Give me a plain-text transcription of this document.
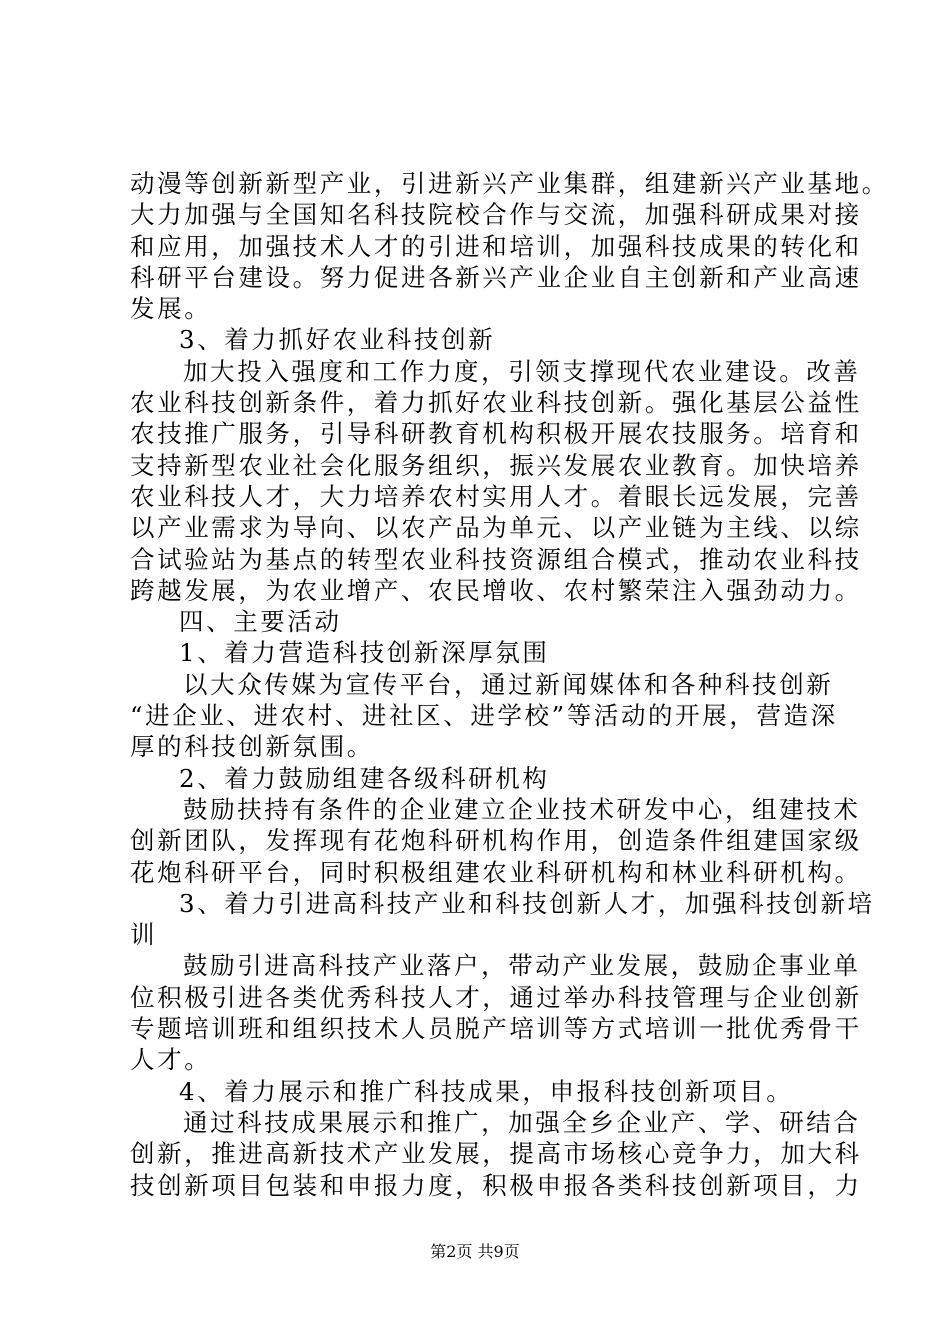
动漫等创新新型产业，引进新兴产业集群，组建新兴产业基地。
大力加强与全国知名科技院校合作与交流，加强科研成果对接
和应用，加强技术人才的引进和培训，加强科技成果的转化和
科研平台建设。努力促进各新兴产业企业自主创新和产业高速
发展。
3、着力抓好农业科技创新
加大投入强度和工作力度，引领支撑现代农业建设。改善
农业科技创新条件，着力抓好农业科技创新。强化基层公益性
农技推广服务，引导科研教育机构积极开展农技服务。培育和
支持新型农业社会化服务组织，振兴发展农业教育。加快培养
农业科技人才，大力培养农村实用人才。着眼长远发展，完善
以产业需求为导向、以农产品为单元、以产业链为主线、以综
合试验站为基点的转型农业科技资源组合模式，推动农业科技
跨越发展，为农业增产、农民增收、农村繁荣注入强劲动力。
四、主要活动
1、着力营造科技创新深厚氛围
以大众传媒为宣传平台，通过新闻媒体和各种科技创新
“进企业、进农村、进社区、进学校”等活动的开展，营造深
厚的科技创新氛围。
2、着力鼓励组建各级科研机构
鼓励扶持有条件的企业建立企业技术研发中心，组建技术
创新团队，发挥现有花炮科研机构作用，创造条件组建国家级
花炮科研平台，同时积极组建农业科研机构和林业科研机构。
3、着力引进高科技产业和科技创新人才，加强科技创新培
训
鼓励引进高科技产业落户，带动产业发展，鼓励企事业单
位积极引进各类优秀科技人才，通过举办科技管理与企业创新
专题培训班和组织技术人员脱产培训等方式培训一批优秀骨干
人才。
4、着力展示和推广科技成果，申报科技创新项目。
通过科技成果展示和推广，加强全乡企业产、学、研结合
创新，推进高新技术产业发展，提高市场核心竞争力，加大科
技创新项目包装和申报力度，积极申报各类科技创新项目，力
第2页 共9页
